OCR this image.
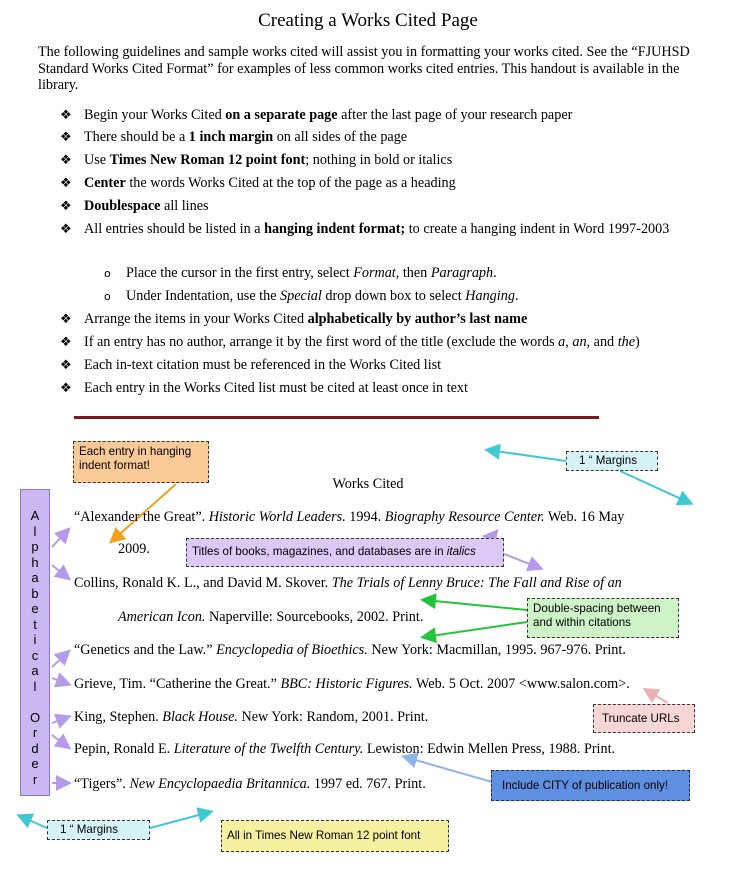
Creating a Works Cited Page
The following guidelines and sample works cited will assist you in formatting your works cited. See the “FJUHSD Standard Works Cited Format” for examples of less common works cited entries. This handout is available in the library.
❖ Begin your Works Cited on a separate page after the last page of your research paper
❖ There should be a 1 inch margin on all sides of the page
❖ Use Times New Roman 12 point font; nothing in bold or italics
❖ Center the words Works Cited at the top of the page as a heading
❖ Doublespace all lines
❖ All entries should be listed in a hanging indent format; to create a hanging indent in Word 1997-2003
o Place the cursor in the first entry, select Format, then Paragraph.
o Under Indentation, use the Special drop down box to select Hanging.
❖ Arrange the items in your Works Cited alphabetically by author’s last name
❖ If an entry has no author, arrange it by the first word of the title (exclude the words a, an, and the)
❖ Each in-text citation must be referenced in the Works Cited list
❖ Each entry in the Works Cited list must be cited at least once in text
Works Cited
“Alexander the Great”. Historic World Leaders. 1994. Biography Resource Center. Web. 16 May
2009.
Collins, Ronald K. L., and David M. Skover. The Trials of Lenny Bruce: The Fall and Rise of an
American Icon. Naperville: Sourcebooks, 2002. Print.
“Genetics and the Law.” Encyclopedia of Bioethics. New York: Macmillan, 1995. 967-976. Print.
Grieve, Tim. “Catherine the Great.” BBC: Historic Figures. Web. 5 Oct. 2007 <www.salon.com>.
King, Stephen. Black House. New York: Random, 2001. Print.
Pepin, Ronald E. Literature of the Twelfth Century. Lewiston: Edwin Mellen Press, 1988. Print.
“Tigers”. New Encyclopaedia Britannica. 1997 ed. 767. Print.
Each entry in hanging indent format!	1 “ Margins
Titles of books, magazines, and databases are in italics
Double-spacing between and within citations
Truncate URLs
Include CITY of publication only!
1 “ Margins	All in Times New Roman 12 point font
A
l
p
h
a
b
e
t
i
c
a
l
O
r
d
e
r
